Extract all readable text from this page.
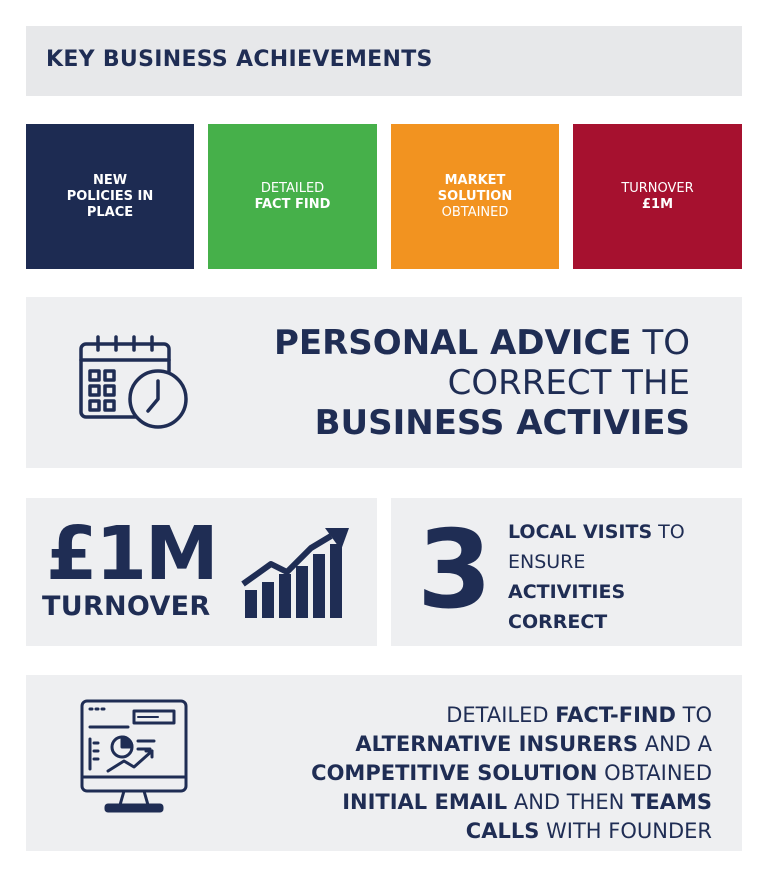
KEY BUSINESS ACHIEVEMENTS
NEW
POLICIES IN
PLACE
DETAILED
FACT FIND
MARKET
SOLUTION
OBTAINED
TURNOVER
£1M
PERSONAL ADVICE TO
CORRECT THE
BUSINESS ACTIVIES
£1M
TURNOVER 3 LOCAL VISITS TO
ENSURE
ACTIVITIES
CORRECT
DETAILED FACT-FIND TO
ALTERNATIVE INSURERS AND A
COMPETITIVE SOLUTION OBTAINED
INITIAL EMAIL AND THEN TEAMS
CALLS WITH FOUNDER
